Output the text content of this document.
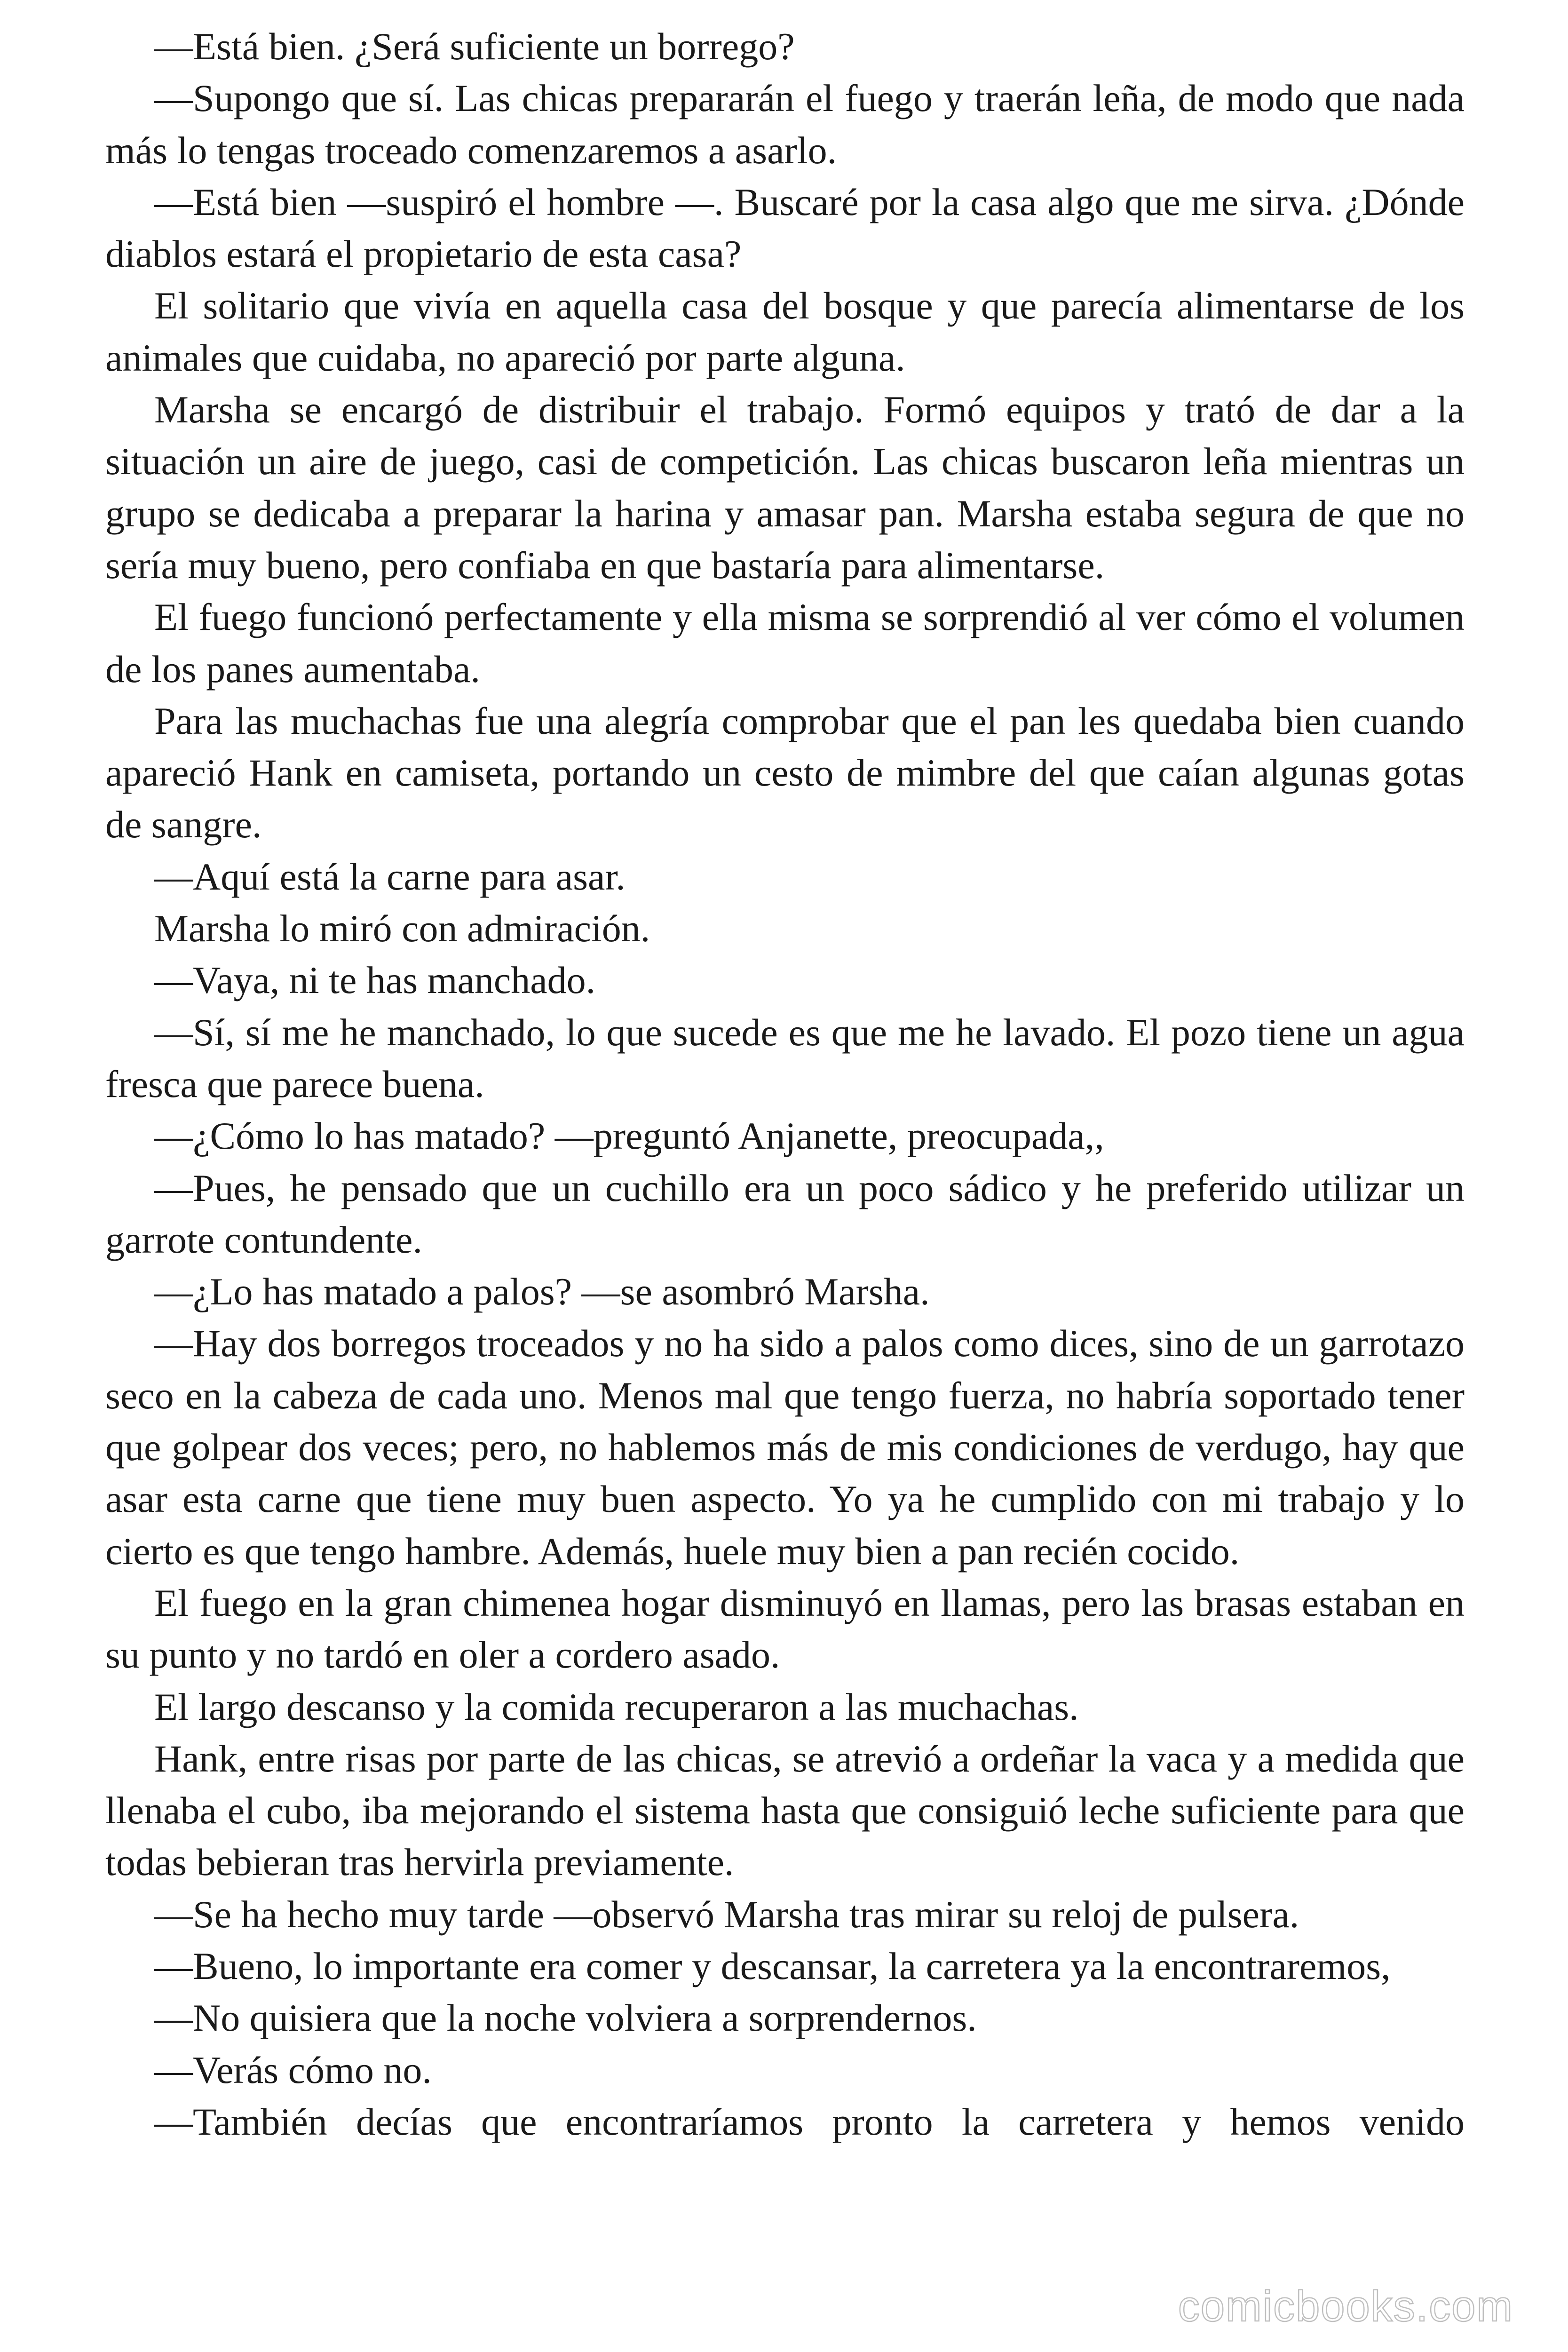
—Está bien. ¿Será suficiente un borrego?

—Supongo que sí. Las chicas prepararán el fuego y traerán leña, de modo que nada más lo tengas troceado comenzaremos a asarlo.

—Está bien —suspiró el hombre —. Buscaré por la casa algo que me sirva. ¿Dónde diablos estará el propietario de esta casa?

El solitario que vivía en aquella casa del bosque y que parecía alimentarse de los animales que cuidaba, no apareció por parte alguna.

Marsha se encargó de distribuir el trabajo. Formó equipos y trató de dar a la situación un aire de juego, casi de competición. Las chicas buscaron leña mientras un grupo se dedicaba a preparar la harina y amasar pan. Marsha estaba segura de que no sería muy bueno, pero confiaba en que bastaría para alimentarse.

El fuego funcionó perfectamente y ella misma se sorprendió al ver cómo el volumen de los panes aumentaba.

Para las muchachas fue una alegría comprobar que el pan les quedaba bien cuando apareció Hank en camiseta, portando un cesto de mimbre del que caían algunas gotas de sangre.

—Aquí está la carne para asar.

Marsha lo miró con admiración.

—Vaya, ni te has manchado.

—Sí, sí me he manchado, lo que sucede es que me he lavado. El pozo tiene un agua fresca que parece buena.

—¿Cómo lo has matado? —preguntó Anjanette, preocupada,,

—Pues, he pensado que un cuchillo era un poco sádico y he preferido utilizar un garrote contundente.

—¿Lo has matado a palos? —se asombró Marsha.

—Hay dos borregos troceados y no ha sido a palos como dices, sino de un garrotazo seco en la cabeza de cada uno. Menos mal que tengo fuerza, no habría soportado tener que golpear dos veces; pero, no hablemos más de mis condiciones de verdugo, hay que asar esta carne que tiene muy buen aspecto. Yo ya he cumplido con mi trabajo y lo cierto es que tengo hambre. Además, huele muy bien a pan recién cocido.

El fuego en la gran chimenea hogar disminuyó en llamas, pero las brasas estaban en su punto y no tardó en oler a cordero asado.

El largo descanso y la comida recuperaron a las muchachas.

Hank, entre risas por parte de las chicas, se atrevió a ordeñar la vaca y a medida que llenaba el cubo, iba mejorando el sistema hasta que consiguió leche suficiente para que todas bebieran tras hervirla previamente.

—Se ha hecho muy tarde —observó Marsha tras mirar su reloj de pulsera.

—Bueno, lo importante era comer y descansar, la carretera ya la encontraremos,

—No quisiera que la noche volviera a sorprendernos.

—Verás cómo no.

—También decías que encontraríamos pronto la carretera y hemos venido

comicbooks.com
